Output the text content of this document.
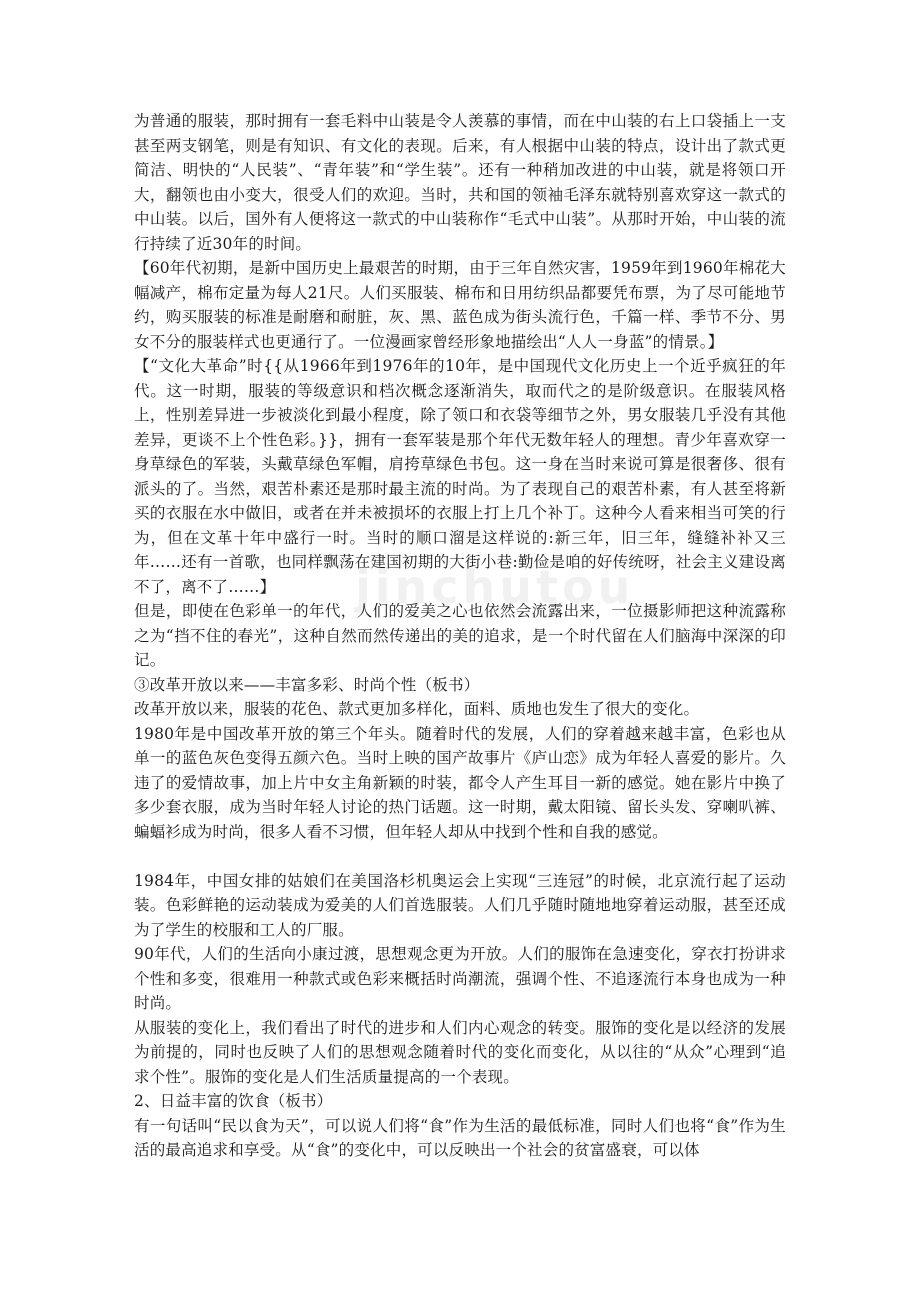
jinchutou

为普通的服装，那时拥有一套毛料中山装是令人羡慕的事情，而在中山装的右上口袋插上一支甚至两支钢笔，则是有知识、有文化的表现。后来，有人根据中山装的特点，设计出了款式更简洁、明快的“人民装”、“青年装”和“学生装”。还有一种稍加改进的中山装，就是将领口开大，翻领也由小变大，很受人们的欢迎。当时，共和国的领袖毛泽东就特别喜欢穿这一款式的中山装。以后，国外有人便将这一款式的中山装称作“毛式中山装”。从那时开始，中山装的流行持续了近30年的时间。

【60年代初期，是新中国历史上最艰苦的时期，由于三年自然灾害，1959年到1960年棉花大幅减产，棉布定量为每人21尺。人们买服装、棉布和日用纺织品都要凭布票，为了尽可能地节约，购买服装的标准是耐磨和耐脏，灰、黑、蓝色成为街头流行色，千篇一样、季节不分、男女不分的服装样式也更通行了。一位漫画家曾经形象地描绘出“人人一身蓝”的情景。】

【“文化大革命”时{{从1966年到1976年的10年，是中国现代文化历史上一个近乎疯狂的年代。这一时期，服装的等级意识和档次概念逐渐消失，取而代之的是阶级意识。在服装风格上，性别差异进一步被淡化到最小程度，除了领口和衣袋等细节之外，男女服装几乎没有其他差异，更谈不上个性色彩。}}，拥有一套军装是那个年代无数年轻人的理想。青少年喜欢穿一身草绿色的军装，头戴草绿色军帽，肩挎草绿色书包。这一身在当时来说可算是很奢侈、很有派头的了。当然，艰苦朴素还是那时最主流的时尚。为了表现自己的艰苦朴素，有人甚至将新买的衣服在水中做旧，或者在并未被损坏的衣服上打上几个补丁。这种今人看来相当可笑的行为，但在文革十年中盛行一时。当时的顺口溜是这样说的:新三年，旧三年，缝缝补补又三年……还有一首歌，也同样飘荡在建国初期的大街小巷:勤俭是咱的好传统呀，社会主义建设离不了，离不了……】

但是，即使在色彩单一的年代，人们的爱美之心也依然会流露出来，一位摄影师把这种流露称之为“挡不住的春光”，这种自然而然传递出的美的追求，是一个时代留在人们脑海中深深的印记。

③改革开放以来——丰富多彩、时尚个性（板书）

改革开放以来，服装的花色、款式更加多样化，面料、质地也发生了很大的变化。

1980年是中国改革开放的第三个年头。随着时代的发展，人们的穿着越来越丰富，色彩也从单一的蓝色灰色变得五颜六色。当时上映的国产故事片《庐山恋》成为年轻人喜爱的影片。久违了的爱情故事，加上片中女主角新颖的时装，都令人产生耳目一新的感觉。她在影片中换了多少套衣服，成为当时年轻人讨论的热门话题。这一时期，戴太阳镜、留长头发、穿喇叭裤、蝙蝠衫成为时尚，很多人看不习惯，但年轻人却从中找到个性和自我的感觉。

1984年，中国女排的姑娘们在美国洛杉机奥运会上实现“三连冠”的时候，北京流行起了运动装。色彩鲜艳的运动装成为爱美的人们首选服装。人们几乎随时随地地穿着运动服，甚至还成为了学生的校服和工人的厂服。

90年代，人们的生活向小康过渡，思想观念更为开放。人们的服饰在急速变化，穿衣打扮讲求个性和多变，很难用一种款式或色彩来概括时尚潮流，强调个性、不追逐流行本身也成为一种时尚。

从服装的变化上，我们看出了时代的进步和人们内心观念的转变。服饰的变化是以经济的发展为前提的，同时也反映了人们的思想观念随着时代的变化而变化，从以往的“从众”心理到“追求个性”。服饰的变化是人们生活质量提高的一个表现。

2、日益丰富的饮食（板书）

有一句话叫“民以食为天”，可以说人们将“食”作为生活的最低标准，同时人们也将“食”作为生活的最高追求和享受。从“食”的变化中，可以反映出一个社会的贫富盛衰，可以体
